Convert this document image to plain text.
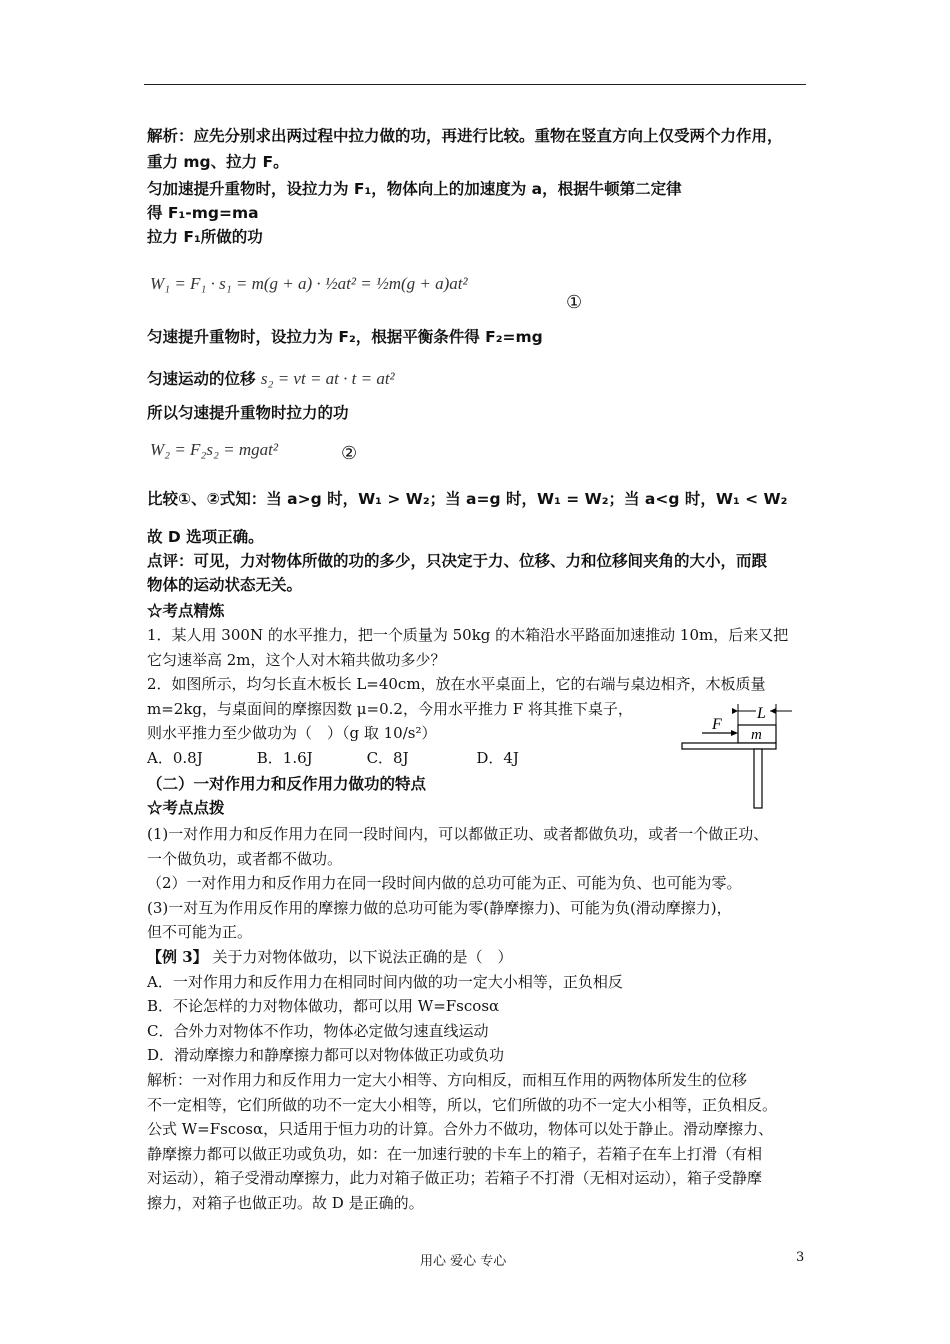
解析：应先分别求出两过程中拉力做的功，再进行比较。重物在竖直方向上仅受两个力作用，
重力 mg、拉力 F。
匀加速提升重物时，设拉力为 F₁，物体向上的加速度为 a，根据牛顿第二定律
得 F₁-mg=ma
拉力 F₁所做的功
W₁ = F₁ · s₁ = m(g + a) · ½at² = ½m(g + a)at²
①
匀速提升重物时，设拉力为 F₂，根据平衡条件得 F₂=mg
匀速运动的位移 s₂ = vt = at · t = at²
所以匀速提升重物时拉力的功
W₂ = F₂s₂ = mgat²	②
比较①、②式知：当 a>g 时，W₁ > W₂；当 a=g 时，W₁ = W₂；当 a<g 时，W₁ < W₂
故 D 选项正确。
点评：可见，力对物体所做的功的多少，只决定于力、位移、力和位移间夹角的大小，而跟
物体的运动状态无关。
☆考点精炼
1．某人用 300N 的水平推力，把一个质量为 50kg 的木箱沿水平路面加速推动 10m，后来又把
它匀速举高 2m，这个人对木箱共做功多少？
2．如图所示，均匀长直木板长 L=40cm，放在水平桌面上，它的右端与桌边相齐，木板质量
m=2kg，与桌面间的摩擦因数 μ=0.2，今用水平推力 F 将其推下桌子，
则水平推力至少做功为（　）（g 取 10/s²）
A．0.8J	B．1.6J	C．8J	D．4J
L
F
m
（二）一对作用力和反作用力做功的特点
☆考点点拨
(1)一对作用力和反作用力在同一段时间内，可以都做正功、或者都做负功，或者一个做正功、
一个做负功，或者都不做功。
（2）一对作用力和反作用力在同一段时间内做的总功可能为正、可能为负、也可能为零。
(3)一对互为作用反作用的摩擦力做的总功可能为零(静摩擦力)、可能为负(滑动摩擦力)，
但不可能为正。
【例 3】 关于力对物体做功，以下说法正确的是（　）
A．一对作用力和反作用力在相同时间内做的功一定大小相等，正负相反
B．不论怎样的力对物体做功，都可以用 W=Fscosα
C．合外力对物体不作功，物体必定做匀速直线运动
D．滑动摩擦力和静摩擦力都可以对物体做正功或负功
解析：一对作用力和反作用力一定大小相等、方向相反，而相互作用的两物体所发生的位移
不一定相等，它们所做的功不一定大小相等，所以，它们所做的功不一定大小相等，正负相反。
公式 W=Fscosα，只适用于恒力功的计算。合外力不做功，物体可以处于静止。滑动摩擦力、
静摩擦力都可以做正功或负功，如：在一加速行驶的卡车上的箱子，若箱子在车上打滑（有相
对运动），箱子受滑动摩擦力，此力对箱子做正功；若箱子不打滑（无相对运动），箱子受静摩
擦力，对箱子也做正功。故 D 是正确的。
用心 爱心 专心	3
